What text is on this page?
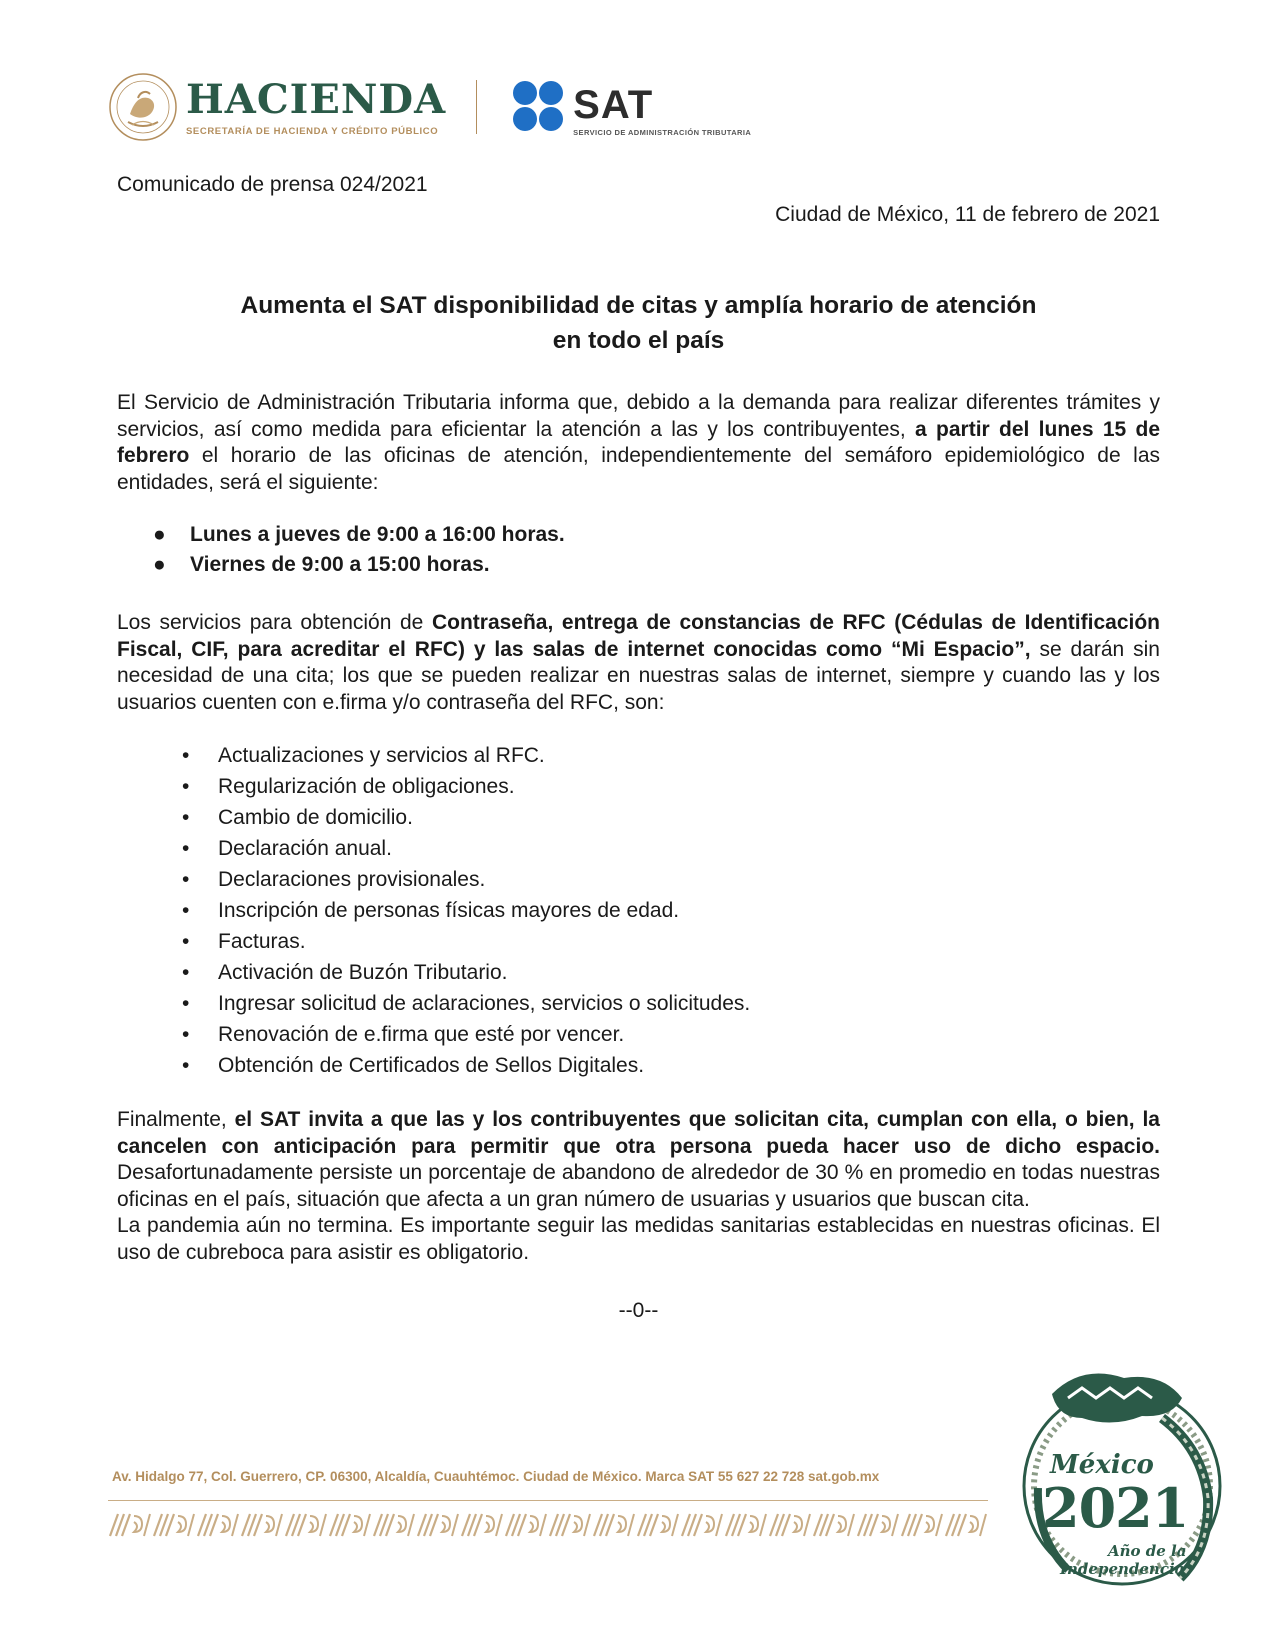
HACIENDA
SECRETARÍA DE HACIENDA Y CRÉDITO PÚBLICO
SAT
SERVICIO DE ADMINISTRACIÓN TRIBUTARIA

Comunicado de prensa 024/2021

Ciudad de México, 11 de febrero de 2021

Aumenta el SAT disponibilidad de citas y amplía horario de atención
en todo el país

El Servicio de Administración Tributaria informa que, debido a la demanda para realizar diferentes trámites y servicios, así como medida para eficientar la atención a las y los contribuyentes, a partir del lunes 15 de febrero el horario de las oficinas de atención, independientemente del semáforo epidemiológico de las entidades, será el siguiente:

● Lunes a jueves de 9:00 a 16:00 horas.
● Viernes de 9:00 a 15:00 horas.

Los servicios para obtención de Contraseña, entrega de constancias de RFC (Cédulas de Identificación Fiscal, CIF, para acreditar el RFC) y las salas de internet conocidas como “Mi Espacio”, se darán sin necesidad de una cita; los que se pueden realizar en nuestras salas de internet, siempre y cuando las y los usuarios cuenten con e.firma y/o contraseña del RFC, son:

• Actualizaciones y servicios al RFC.
• Regularización de obligaciones.
• Cambio de domicilio.
• Declaración anual.
• Declaraciones provisionales.
• Inscripción de personas físicas mayores de edad.
• Facturas.
• Activación de Buzón Tributario.
• Ingresar solicitud de aclaraciones, servicios o solicitudes.
• Renovación de e.firma que esté por vencer.
• Obtención de Certificados de Sellos Digitales.

Finalmente, el SAT invita a que las y los contribuyentes que solicitan cita, cumplan con ella, o bien, la cancelen con anticipación para permitir que otra persona pueda hacer uso de dicho espacio. Desafortunadamente persiste un porcentaje de abandono de alrededor de 30 % en promedio en todas nuestras oficinas en el país, situación que afecta a un gran número de usuarias y usuarios que buscan cita.

La pandemia aún no termina. Es importante seguir las medidas sanitarias establecidas en nuestras oficinas. El uso de cubreboca para asistir es obligatorio.

--0--

Av. Hidalgo 77, Col. Guerrero, CP. 06300, Alcaldía, Cuauhtémoc. Ciudad de México. Marca SAT 55 627 22 728 sat.gob.mx	México
2021
Año de la
Independencia
